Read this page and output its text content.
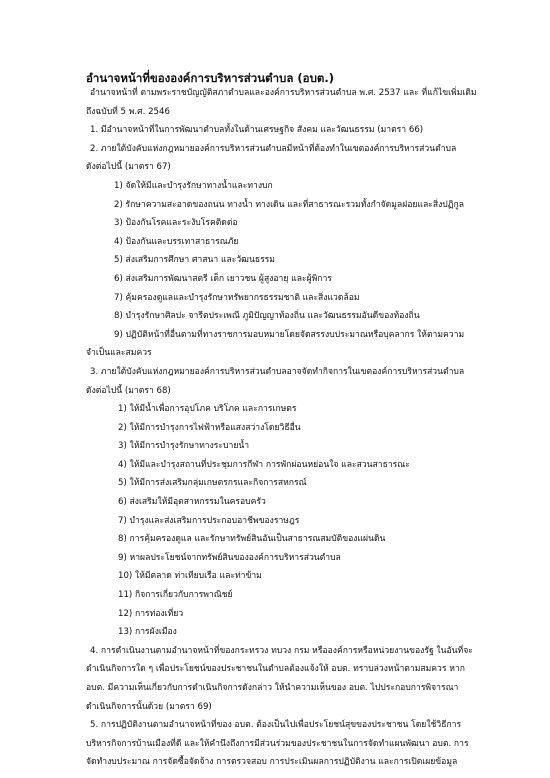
อำนาจหน้าที่ขององค์การบริหารส่วนตำบล (อบต.)
อำนาจหน้าที่ ตามพระราชบัญญัติสภาตำบลและองค์การบริหารส่วนตำบล พ.ศ. 2537 และ ที่แก้ไขเพิ่มเติม
ถึงฉบับที่ 5 พ.ศ. 2546
1. มีอำนาจหน้าที่ในการพัฒนาตำบลทั้งในด้านเศรษฐกิจ สังคม และวัฒนธรรม (มาตรา 66)
2. ภายใต้บังคับแห่งกฎหมายองค์การบริหารส่วนตำบลมีหน้าที่ต้องทำในเขตองค์การบริหารส่วนตำบล
ดังต่อไปนี้ (มาตรา 67)
1) จัดให้มีและบำรุงรักษาทางน้ำและทางบก
2) รักษาความสะอาดของถนน ทางน้ำ ทางเดิน และที่สาธารณะรวมทั้งกำจัดมูลฝอยและสิ่งปฏิกูล
3) ป้องกันโรคและระงับโรคติดต่อ
4) ป้องกันและบรรเทาสาธารณภัย
5) ส่งเสริมการศึกษา ศาสนา และวัฒนธรรม
6) ส่งเสริมการพัฒนาสตรี เด็ก เยาวชน ผู้สูงอายุ และผู้พิการ
7) คุ้มครองดูแลและบำรุงรักษาทรัพยากรธรรมชาติ และสิ่งแวดล้อม
8) บำรุงรักษาศิลปะ จารีตประเพณี ภูมิปัญญาท้องถิ่น และวัฒนธรรมอันดีของท้องถิ่น
9) ปฏิบัติหน้าที่อื่นตามที่ทางราชการมอบหมายโดยจัดสรรงบประมาณหรือบุคลากร ให้ตามความ
จำเป็นและสมควร
3. ภายใต้บังคับแห่งกฎหมายองค์การบริหารส่วนตำบลอาจจัดทำกิจการในเขตองค์การบริหารส่วนตำบล
ดังต่อไปนี้ (มาตรา 68)
1) ให้มีน้ำเพื่อการอุปโภค บริโภค และการเกษตร
2) ให้มีการบำรุงการไฟฟ้าหรือแสงสว่างโดยวิธีอื่น
3) ให้มีการบำรุงรักษาทางระบายน้ำ
4) ให้มีและบำรุงสถานที่ประชุมการกีฬา การพักผ่อนหย่อนใจ และสวนสาธารณะ
5) ให้มีการส่งเสริมกลุ่มเกษตรกรและกิจการสหกรณ์
6) ส่งเสริมให้มีอุตสาหกรรมในครอบครัว
7) บำรุงและส่งเสริมการประกอบอาชีพของราษฎร
8) การคุ้มครองดูแล และรักษาทรัพย์สินอันเป็นสาธารณสมบัติของแผ่นดิน
9) หาผลประโยชน์จากทรัพย์สินขององค์การบริหารส่วนตำบล
10) ให้มีตลาด ท่าเทียบเรือ และท่าข้าม
11) กิจการเกี่ยวกับการพาณิชย์
12) การท่องเที่ยว
13) การผังเมือง
4. การดำเนินงานตามอำนาจหน้าที่ของกระทรวง ทบวง กรม หรือองค์การหรือหน่วยงานของรัฐ ในอันที่จะ
ดำเนินกิจการใด ๆ เพื่อประโยชน์ของประชาชนในตำบลต้องแจ้งให้ อบต. ทราบล่วงหน้าตามสมควร หาก
อบต. มีความเห็นเกี่ยวกับการดำเนินกิจการดังกล่าว ให้นำความเห็นของ อบต. ไปประกอบการพิจารณา
ดำเนินกิจการนั้นด้วย (มาตรา 69)
5. การปฏิบัติงานตามอำนาจหน้าที่ของ อบต. ต้องเป็นไปเพื่อประโยชน์สุขของประชาชน โดยใช้วิธีการ
บริหารกิจการบ้านเมืองที่ดี และให้คำนึงถึงการมีส่วนร่วมของประชาชนในการจัดทำแผนพัฒนา อบต. การ
จัดทำงบประมาณ การจัดซื้อจัดจ้าง การตรวจสอบ การประเมินผลการปฏิบัติงาน และการเปิดเผยข้อมูล
